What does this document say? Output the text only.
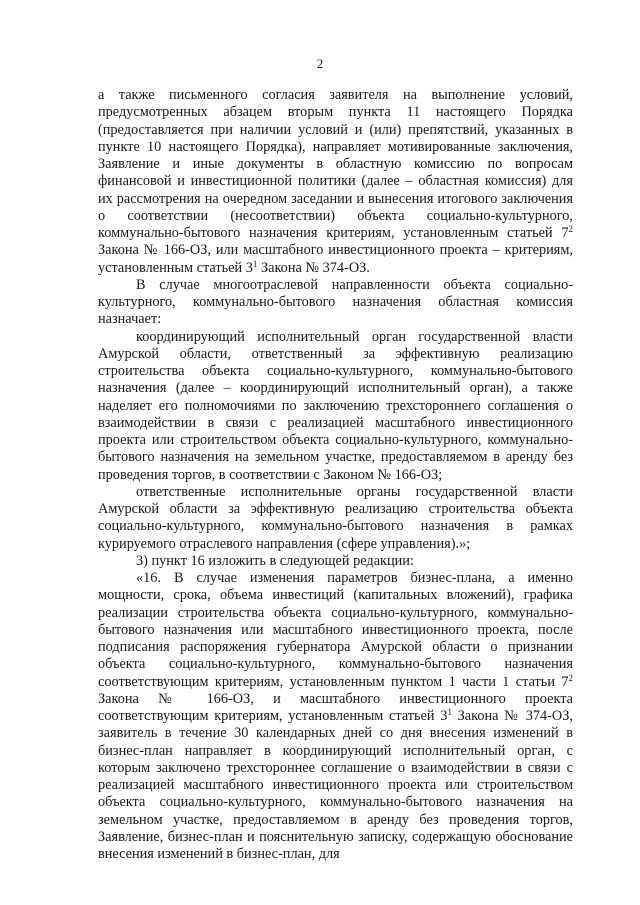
2

а также письменного согласия заявителя на выполнение условий, предусмотренных абзацем вторым пункта 11 настоящего Порядка (предоставляется при наличии условий и (или) препятствий, указанных в пункте 10 настоящего Порядка), направляет мотивированные заключения, Заявление и иные документы в областную комиссию по вопросам финансовой и инвестиционной политики (далее – областная комиссия) для их рассмотрения на очередном заседании и вынесения итогового заключения о соответствии (несоответствии) объекта социально-культурного, коммунально-бытового назначения критериям, установленным статьей $7^2$ Закона № 166-ОЗ, или масштабного инвестиционного проекта – критериям, установленным статьей $3^1$ Закона № 374-ОЗ.

В случае многоотраслевой направленности объекта социально-культурного, коммунально-бытового назначения областная комиссия назначает:

координирующий исполнительный орган государственной власти Амурской области, ответственный за эффективную реализацию строительства объекта социально-культурного, коммунально-бытового назначения (далее – координирующий исполнительный орган), а также наделяет его полномочиями по заключению трехстороннего соглашения о взаимодействии в связи с реализацией масштабного инвестиционного проекта или строительством объекта социально-культурного, коммунально-бытового назначения на земельном участке, предоставляемом в аренду без проведения торгов, в соответствии с Законом № 166-ОЗ;

ответственные исполнительные органы государственной власти Амурской области за эффективную реализацию строительства объекта социально-культурного, коммунально-бытового назначения в рамках курируемого отраслевого направления (сфере управления).»;

3) пункт 16 изложить в следующей редакции:

«16. В случае изменения параметров бизнес-плана, а именно мощности, срока, объема инвестиций (капитальных вложений), графика реализации строительства объекта социально-культурного, коммунально-бытового назначения или масштабного инвестиционного проекта, после подписания распоряжения губернатора Амурской области о признании объекта социально-культурного, коммунально-бытового назначения соответствующим критериям, установленным пунктом 1 части 1 статьи $7^2$ Закона № 166-ОЗ, и масштабного инвестиционного проекта соответствующим критериям, установленным статьей $3^1$ Закона № 374-ОЗ, заявитель в течение 30 календарных дней со дня внесения изменений в бизнес-план направляет в координирующий исполнительный орган, с которым заключено трехстороннее соглашение о взаимодействии в связи с реализацией масштабного инвестиционного проекта или строительством объекта социально-культурного, коммунально-бытового назначения на земельном участке, предоставляемом в аренду без проведения торгов, Заявление, бизнес-план и пояснительную записку, содержащую обоснование внесения изменений в бизнес-план, для
